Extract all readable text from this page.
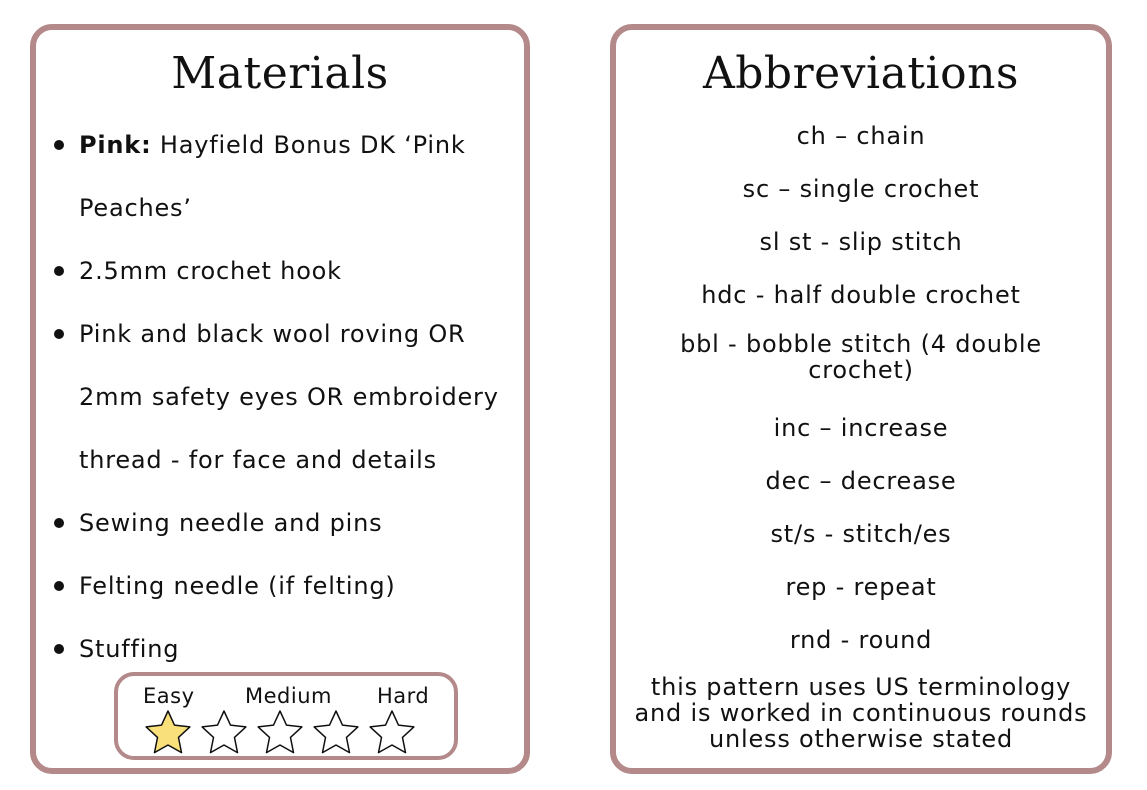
Materials
Pink: Hayfield Bonus DK ‘Pink
Peaches’
2.5mm crochet hook
Pink and black wool roving OR
2mm safety eyes OR embroidery
thread - for face and details
Sewing needle and pins
Felting needle (if felting)
Stuffing
Easy Medium Hard
Abbreviations
ch – chain
sc – single crochet
sl st - slip stitch
hdc - half double crochet
bbl - bobble stitch (4 double
crochet)
inc – increase
dec – decrease
st/s - stitch/es
rep - repeat
rnd - round
this pattern uses US terminology
and is worked in continuous rounds
unless otherwise stated
